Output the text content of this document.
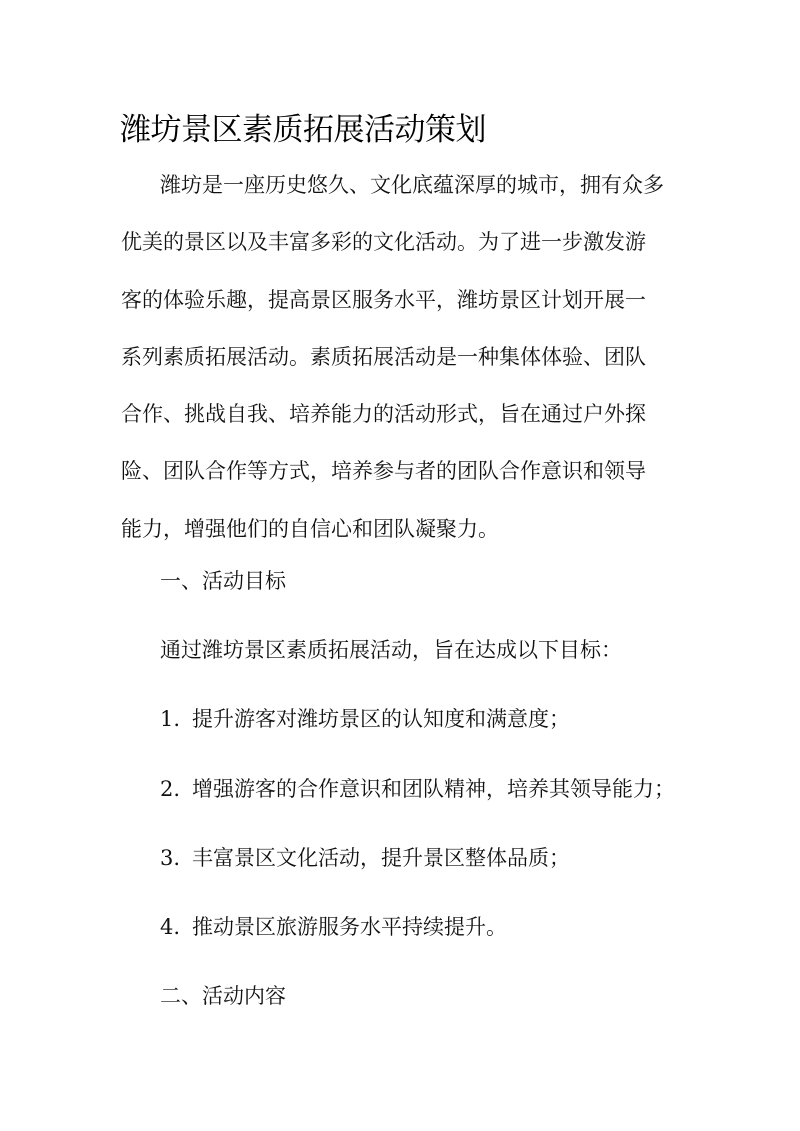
潍坊景区素质拓展活动策划
潍坊是一座历史悠久、文化底蕴深厚的城市，拥有众多
优美的景区以及丰富多彩的文化活动。为了进一步激发游
客的体验乐趣，提高景区服务水平，潍坊景区计划开展一
系列素质拓展活动。素质拓展活动是一种集体体验、团队
合作、挑战自我、培养能力的活动形式，旨在通过户外探
险、团队合作等方式，培养参与者的团队合作意识和领导
能力，增强他们的自信心和团队凝聚力。

一、活动目标

通过潍坊景区素质拓展活动，旨在达成以下目标：

1. 提升游客对潍坊景区的认知度和满意度；

2. 增强游客的合作意识和团队精神，培养其领导能力；

3. 丰富景区文化活动，提升景区整体品质；

4. 推动景区旅游服务水平持续提升。

二、活动内容
